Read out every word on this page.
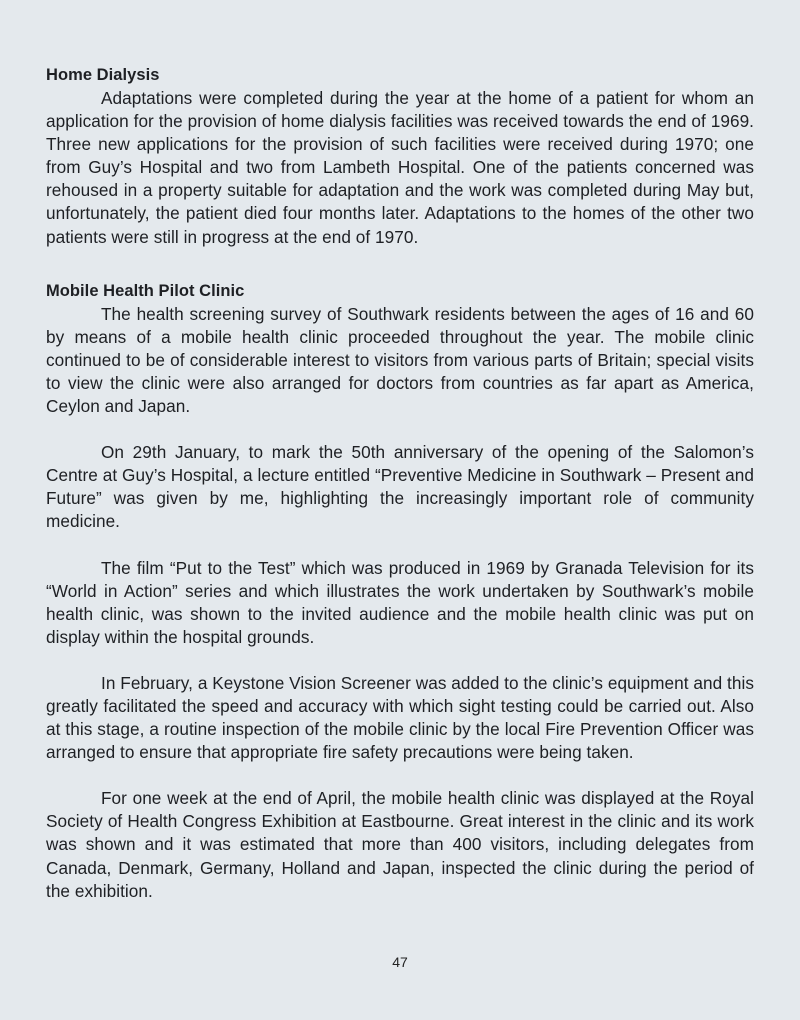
Home Dialysis

Adaptations were completed during the year at the home of a patient for whom an application for the provision of home dialysis facilities was received towards the end of 1969. Three new applications for the provision of such facilities were received during 1970; one from Guy’s Hospital and two from Lambeth Hospital. One of the patients concerned was rehoused in a property suitable for adaptation and the work was completed during May but, unfortunately, the patient died four months later. Adaptations to the homes of the other two patients were still in progress at the end of 1970.

Mobile Health Pilot Clinic

The health screening survey of Southwark residents between the ages of 16 and 60 by means of a mobile health clinic proceeded throughout the year. The mobile clinic continued to be of considerable interest to visitors from various parts of Britain; special visits to view the clinic were also arranged for doctors from countries as far apart as America, Ceylon and Japan.

On 29th January, to mark the 50th anniversary of the opening of the Salomon’s Centre at Guy’s Hospital, a lecture entitled “Preventive Medicine in Southwark – Present and Future” was given by me, highlighting the increasingly important role of community medicine.

The film “Put to the Test” which was produced in 1969 by Granada Television for its “World in Action” series and which illustrates the work undertaken by Southwark’s mobile health clinic, was shown to the invited audience and the mobile health clinic was put on display within the hospital grounds.

In February, a Keystone Vision Screener was added to the clinic’s equipment and this greatly facilitated the speed and accuracy with which sight testing could be carried out. Also at this stage, a routine inspection of the mobile clinic by the local Fire Prevention Officer was arranged to ensure that appropriate fire safety precautions were being taken.

For one week at the end of April, the mobile health clinic was displayed at the Royal Society of Health Congress Exhibition at Eastbourne. Great interest in the clinic and its work was shown and it was estimated that more than 400 visitors, including delegates from Canada, Denmark, Germany, Holland and Japan, inspected the clinic during the period of the exhibition.

47
